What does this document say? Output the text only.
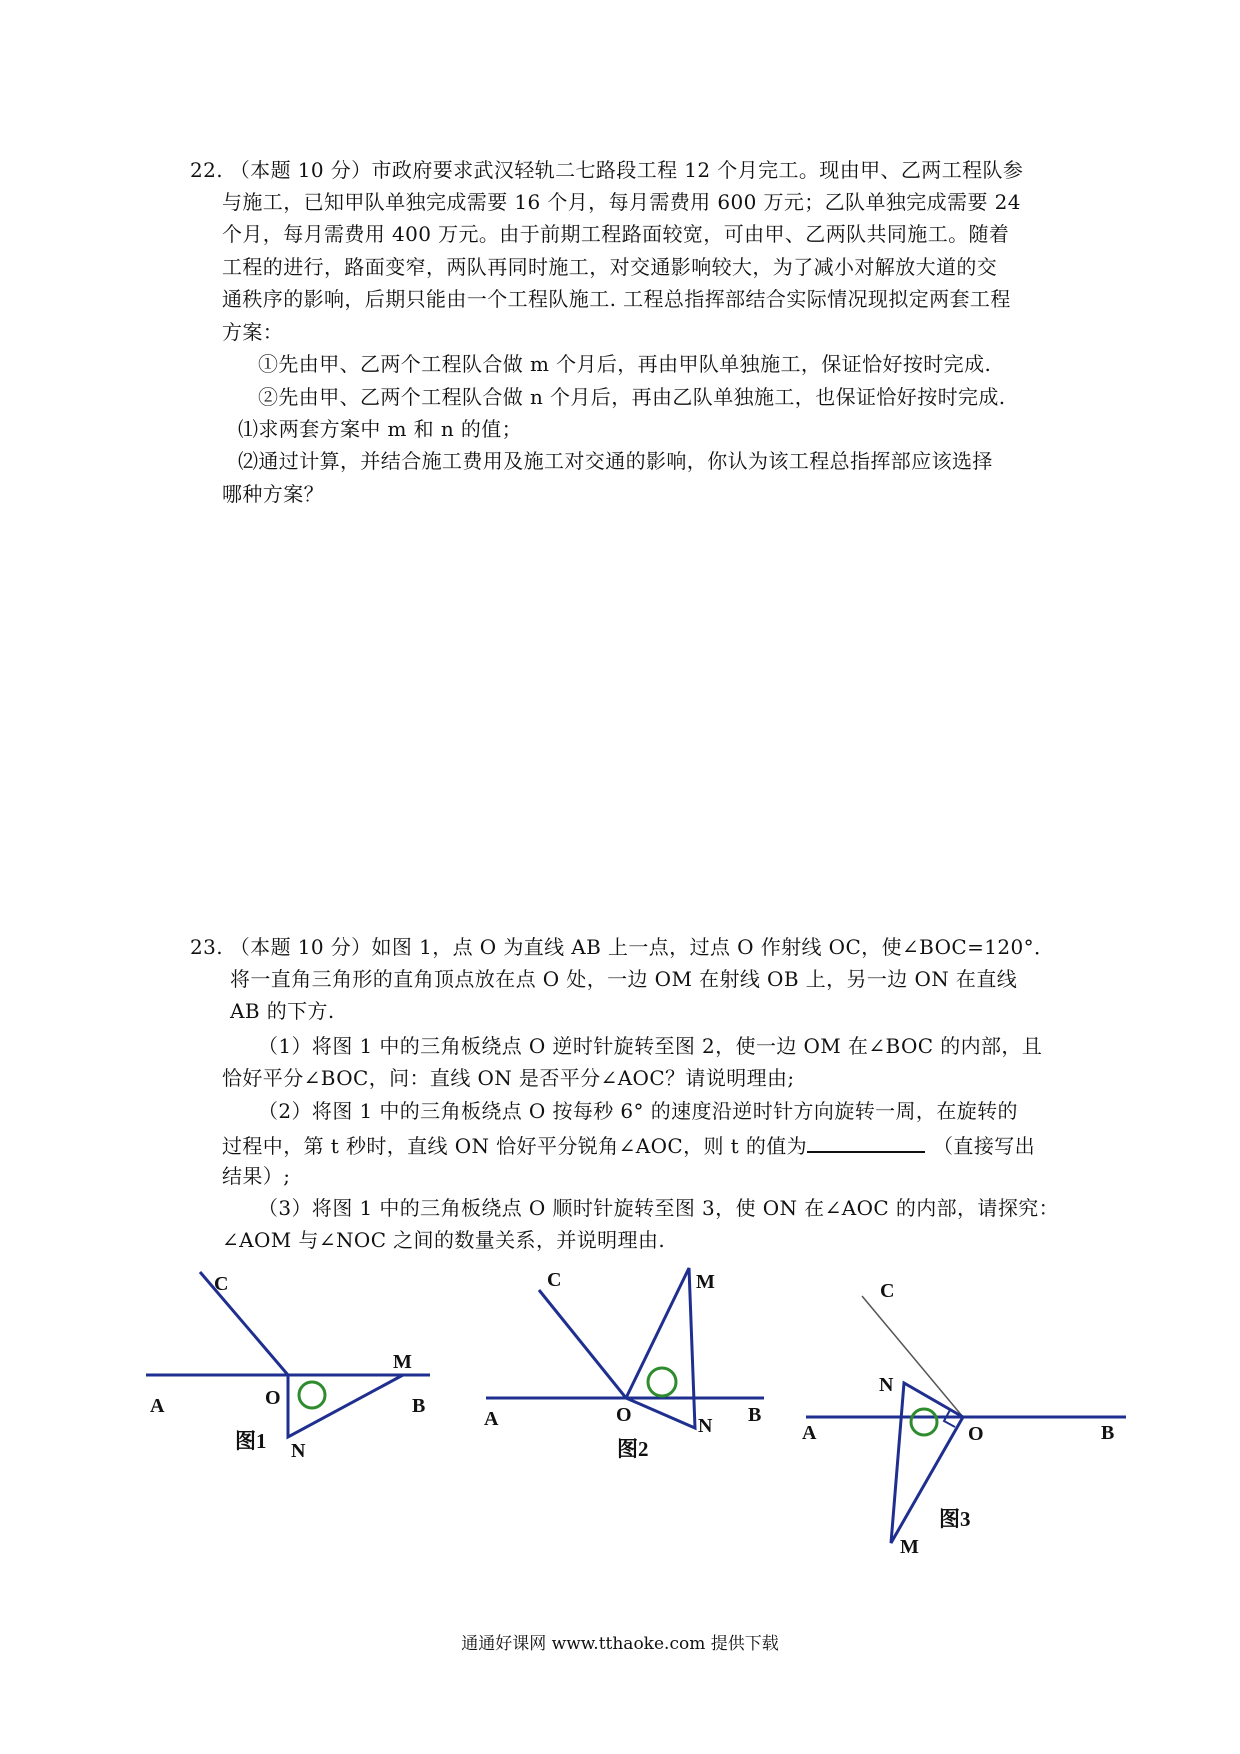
22. （本题 10 分）市政府要求武汉轻轨二七路段工程 12 个月完工。现由甲、乙两工程队参
与施工，已知甲队单独完成需要 16 个月，每月需费用 600 万元；乙队单独完成需要 24
个月，每月需费用 400 万元。由于前期工程路面较宽，可由甲、乙两队共同施工。随着
工程的进行，路面变窄，两队再同时施工，对交通影响较大，为了减小对解放大道的交
通秩序的影响，后期只能由一个工程队施工. 工程总指挥部结合实际情况现拟定两套工程
方案：
①先由甲、乙两个工程队合做 m 个月后，再由甲队单独施工，保证恰好按时完成.
②先由甲、乙两个工程队合做 n 个月后，再由乙队单独施工，也保证恰好按时完成.
⑴求两套方案中 m 和 n 的值；
⑵通过计算，并结合施工费用及施工对交通的影响，你认为该工程总指挥部应该选择
哪种方案？
23. （本题 10 分）如图 1，点 O 为直线 AB 上一点，过点 O 作射线 OC，使∠BOC=120°．
将一直角三角形的直角顶点放在点 O 处，一边 OM 在射线 OB 上，另一边 ON 在直线
AB 的下方.
（1）将图 1 中的三角板绕点 O 逆时针旋转至图 2，使一边 OM 在∠BOC 的内部，且
恰好平分∠BOC，问：直线 ON 是否平分∠AOC？请说明理由;
（2）将图 1 中的三角板绕点 O 按每秒 6° 的速度沿逆时针方向旋转一周，在旋转的
过程中，第 t 秒时，直线 ON 恰好平分锐角∠AOC，则 t 的值为	（直接写出
结果）;
（3）将图 1 中的三角板绕点 O 顺时针旋转至图 3，使 ON 在∠AOC 的内部，请探究：
∠AOM 与∠NOC 之间的数量关系，并说明理由.
A	O	B
C
M
N
图1
A	O	B
C	M
N
图2
A	O	B
C
M
N
图3
通通好课网 www.tthaoke.com 提供下载
